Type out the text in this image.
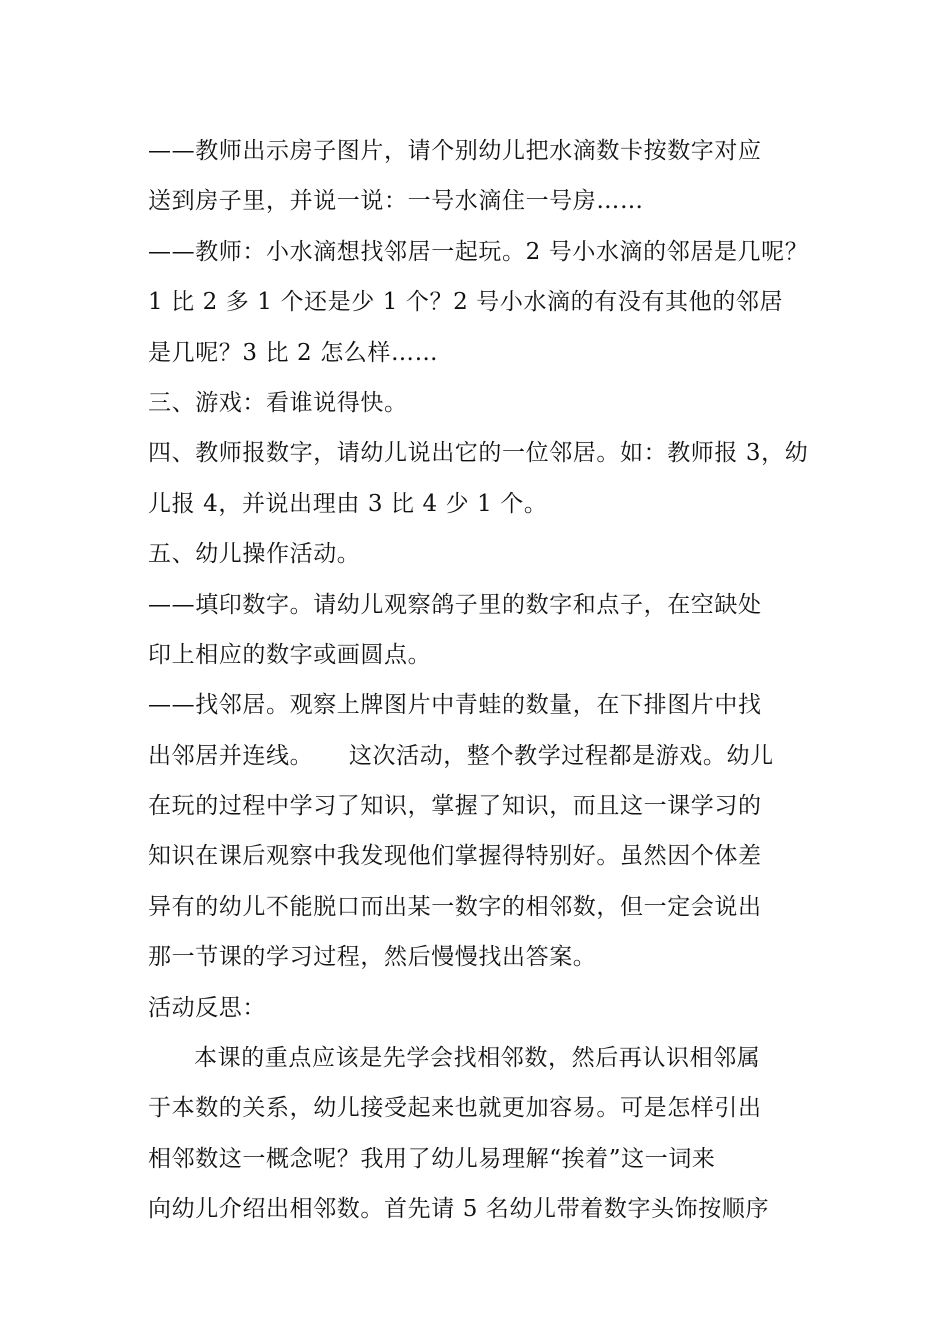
——教师出示房子图片，请个别幼儿把水滴数卡按数字对应
送到房子里，并说一说：一号水滴住一号房……
——教师：小水滴想找邻居一起玩。2 号小水滴的邻居是几呢？
1 比 2 多 1 个还是少 1 个？2 号小水滴的有没有其他的邻居
是几呢？3 比 2 怎么样……
三、游戏：看谁说得快。
四、教师报数字，请幼儿说出它的一位邻居。如：教师报 3，幼
儿报 4，并说出理由 3 比 4 少 1 个。
五、幼儿操作活动。
——填印数字。请幼儿观察鸽子里的数字和点子，在空缺处
印上相应的数字或画圆点。
——找邻居。观察上牌图片中青蛙的数量，在下排图片中找
出邻居并连线。　　这次活动，整个教学过程都是游戏。幼儿
在玩的过程中学习了知识，掌握了知识，而且这一课学习的
知识在课后观察中我发现他们掌握得特别好。虽然因个体差
异有的幼儿不能脱口而出某一数字的相邻数，但一定会说出
那一节课的学习过程，然后慢慢找出答案。
活动反思：
本课的重点应该是先学会找相邻数，然后再认识相邻属
于本数的关系，幼儿接受起来也就更加容易。可是怎样引出
相邻数这一概念呢？我用了幼儿易理解“挨着”这一词来
向幼儿介绍出相邻数。首先请 5 名幼儿带着数字头饰按顺序
